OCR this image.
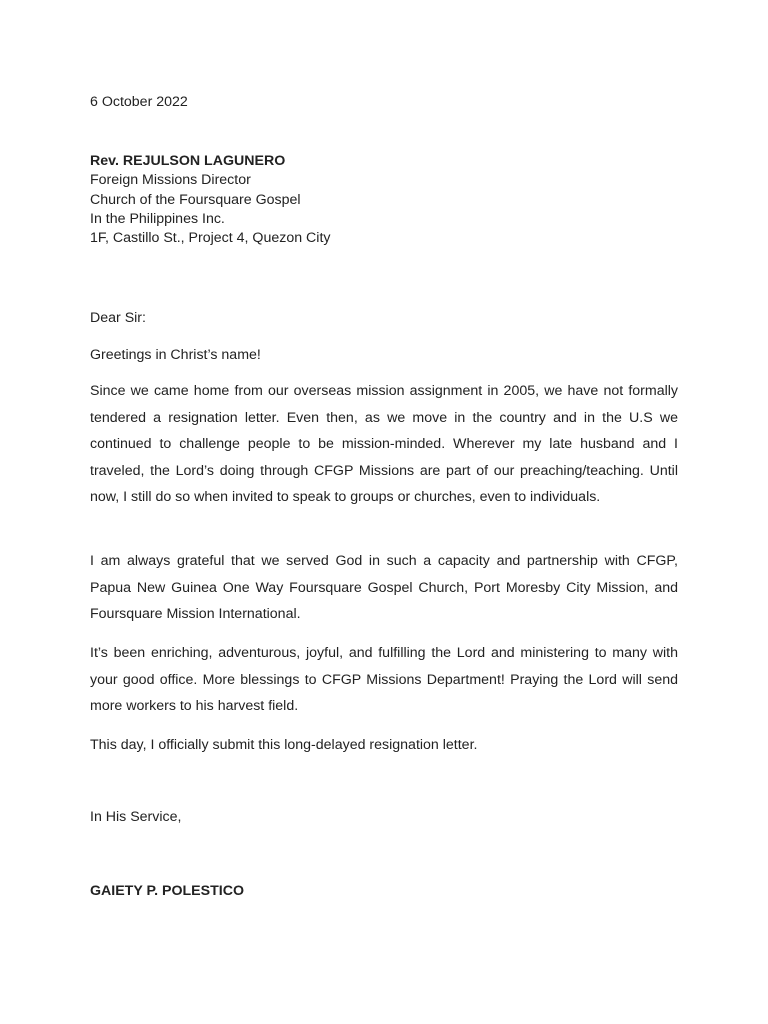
6 October 2022
Rev. REJULSON LAGUNERO
Foreign Missions Director
Church of the Foursquare Gospel
In the Philippines Inc.
1F, Castillo St., Project 4, Quezon City
Dear Sir:
Greetings in Christ’s name!

Since we came home from our overseas mission assignment in 2005, we have not formally tendered a resignation letter. Even then, as we move in the country and in the U.S we continued to challenge people to be mission-minded. Wherever my late husband and I traveled, the Lord’s doing through CFGP Missions are part of our preaching/teaching. Until now, I still do so when invited to speak to groups or churches, even to individuals.

I am always grateful that we served God in such a capacity and partnership with CFGP, Papua New Guinea One Way Foursquare Gospel Church, Port Moresby City Mission, and Foursquare Mission International.

It’s been enriching, adventurous, joyful, and fulfilling the Lord and ministering to many with your good office. More blessings to CFGP Missions Department! Praying the Lord will send more workers to his harvest field.

This day, I officially submit this long-delayed resignation letter.

In His Service,
GAIETY P. POLESTICO
